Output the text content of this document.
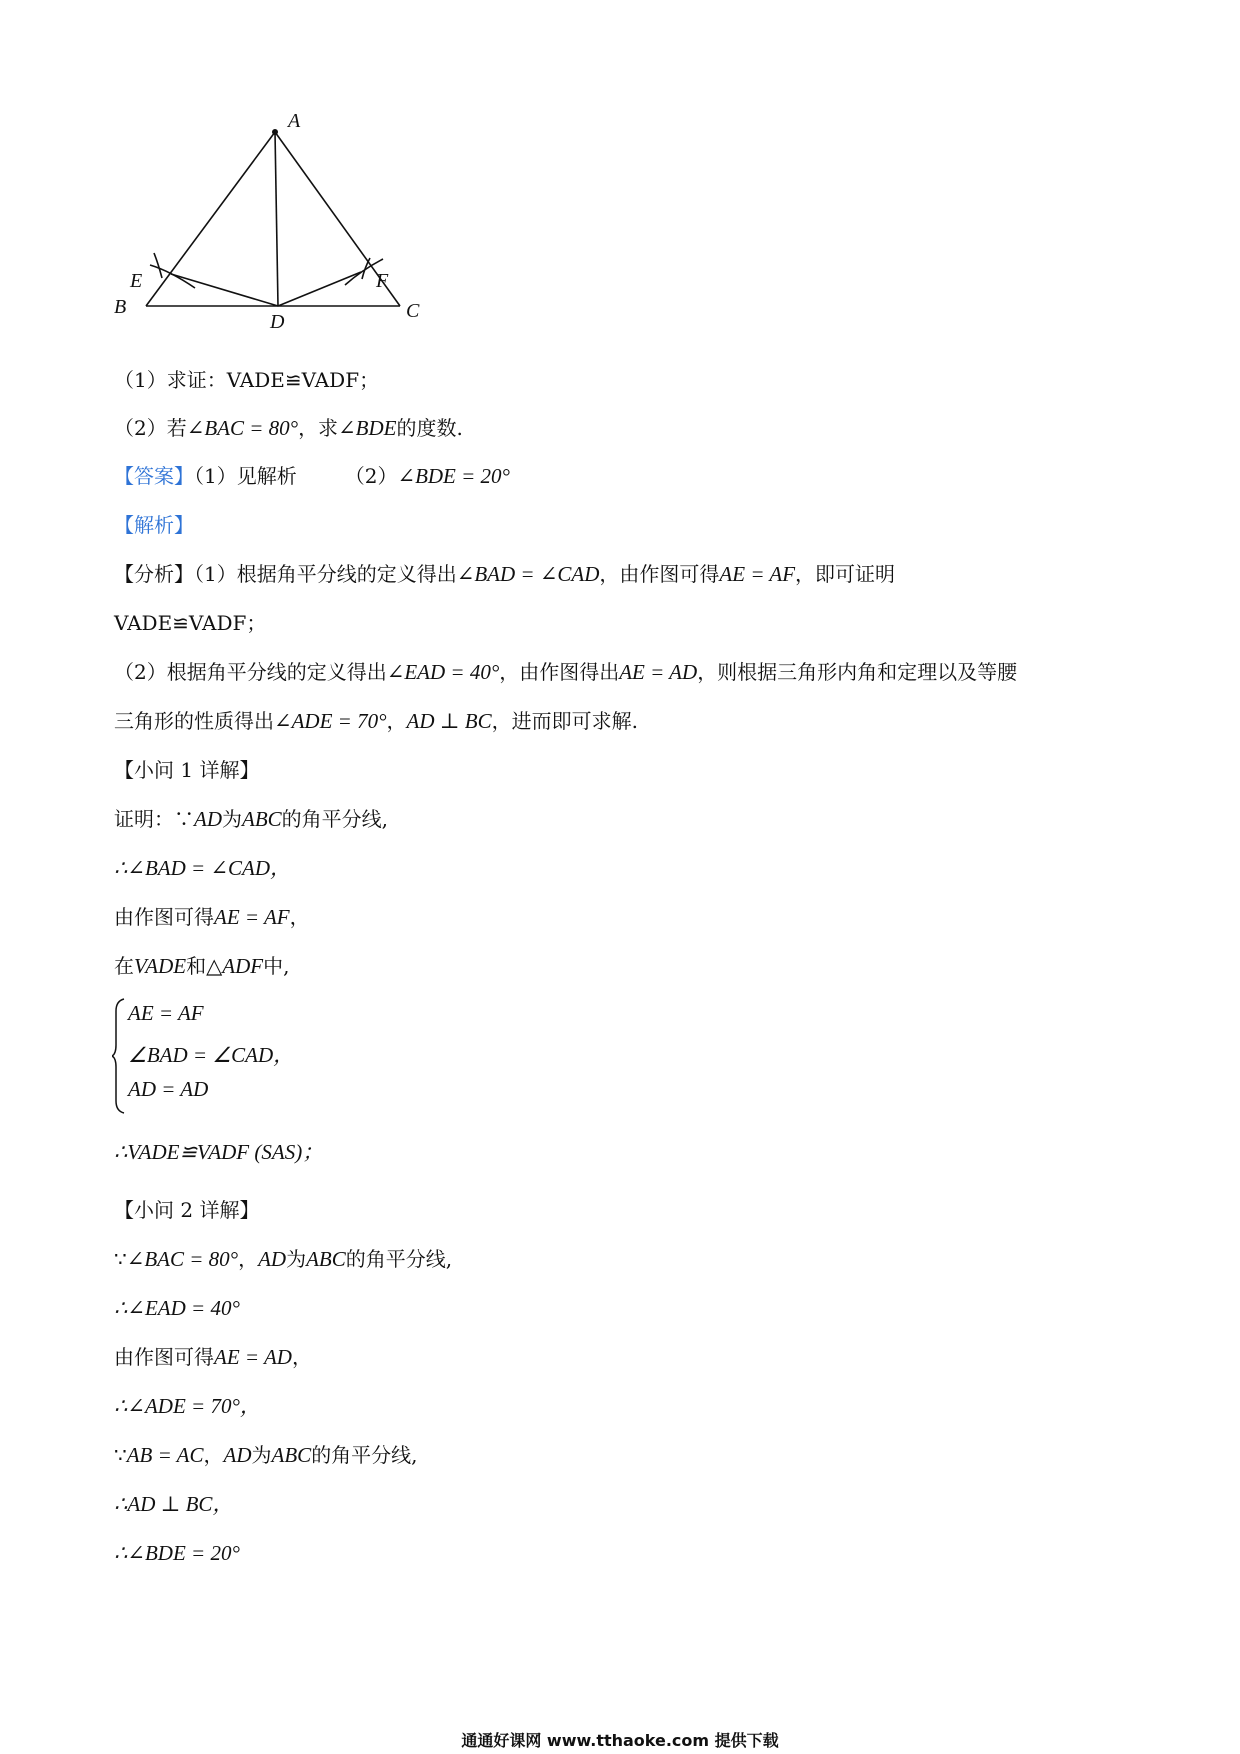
A
B	C
D
E	F
（1）求证：VADE≌VADF；
（2）若∠BAC = 80°，求∠BDE的度数.
【答案】（1）见解析 （2）∠BDE = 20°
【解析】
【分析】（1）根据角平分线的定义得出∠BAD = ∠CAD，由作图可得AE = AF，即可证明
VADE≌VADF；
（2）根据角平分线的定义得出∠EAD = 40°，由作图得出AE = AD，则根据三角形内角和定理以及等腰
三角形的性质得出∠ADE = 70°，AD ⊥ BC，进而即可求解.
【小问 1 详解】
证明：∵AD为ABC的角平分线,
∴∠BAD = ∠CAD，
由作图可得AE = AF，
在VADE和△ADF中,
AE = AF
∠BAD = ∠CAD，
AD = AD
∴VADE≌VADF (SAS)；
【小问 2 详解】
∵∠BAC = 80°，AD为ABC的角平分线,
∴∠EAD = 40°
由作图可得AE = AD，
∴∠ADE = 70°，
∵AB = AC，AD为ABC的角平分线,
∴AD ⊥ BC，
∴∠BDE = 20°
通通好课网 www.tthaoke.com 提供下载
